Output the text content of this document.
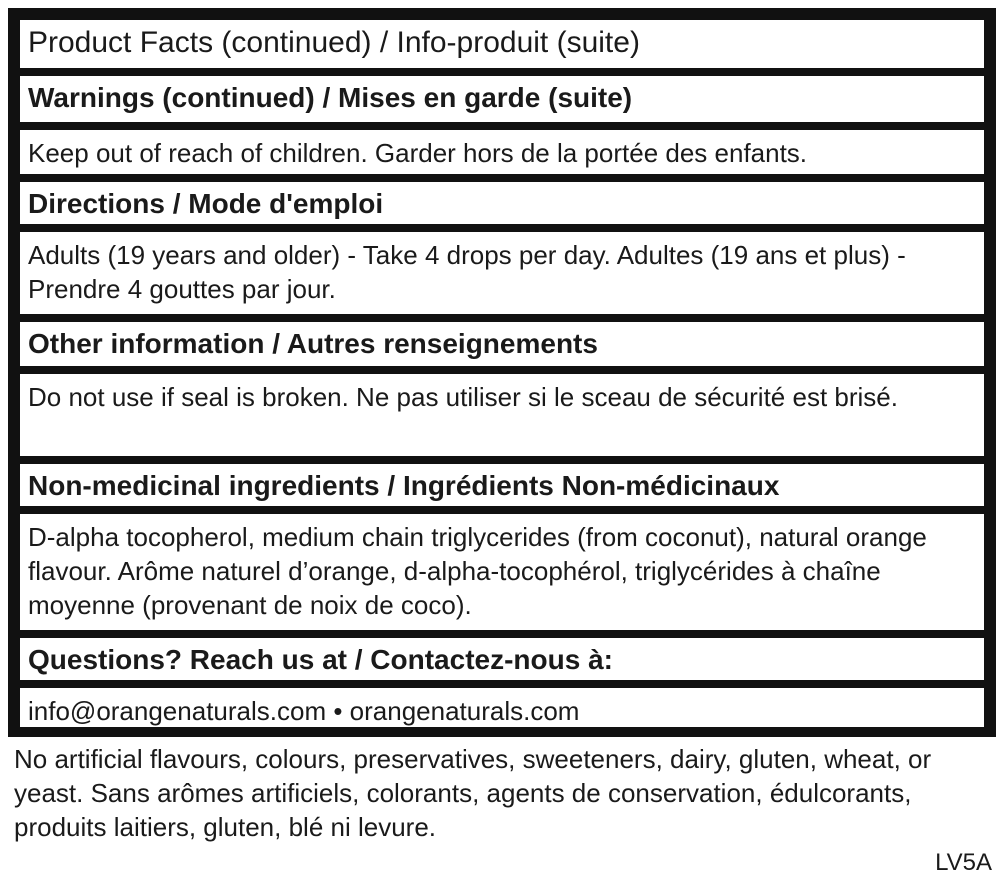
Product Facts (continued) / Info-produit (suite)
Warnings (continued) / Mises en garde (suite)
Keep out of reach of children. Garder hors de la portée des enfants.
Directions / Mode d'emploi
Adults (19 years and older) - Take 4 drops per day. Adultes (19 ans et plus) - Prendre 4 gouttes par jour.
Other information / Autres renseignements
Do not use if seal is broken. Ne pas utiliser si le sceau de sécurité est brisé.
Non-medicinal ingredients / Ingrédients Non-médicinaux
D-alpha tocopherol, medium chain triglycerides (from coconut), natural orange flavour. Arôme naturel d’orange, d-alpha-tocophérol, triglycérides à chaîne moyenne (provenant de noix de coco).
Questions? Reach us at / Contactez-nous à:
info@orangenaturals.com • orangenaturals.com
No artificial flavours, colours, preservatives, sweeteners, dairy, gluten, wheat, or yeast. Sans arômes artificiels, colorants, agents de conservation, édulcorants, produits laitiers, gluten, blé ni levure.
LV5A
